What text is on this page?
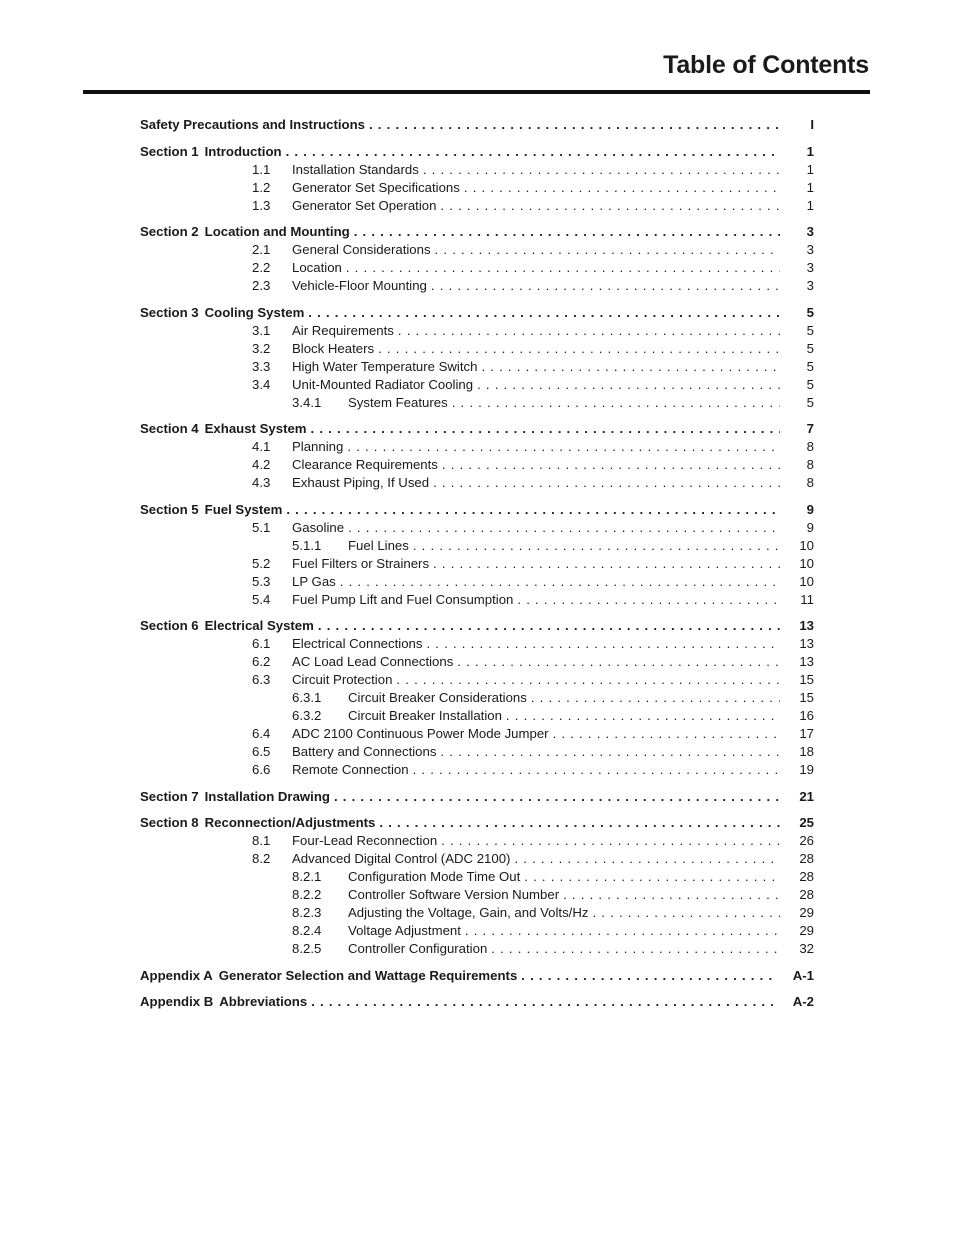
Table of Contents
Safety Precautions and Instructions . . .	I
Section 1 Introduction . . .	1
1.1	Installation Standards . . .	1
1.2	Generator Set Specifications . . .	1
1.3	Generator Set Operation . . .	1
Section 2 Location and Mounting . . .	3
2.1	General Considerations . . .	3
2.2	Location . . .	3
2.3	Vehicle-Floor Mounting . . .	3
Section 3 Cooling System . . .	5
3.1	Air Requirements . . .	5
3.2	Block Heaters . . .	5
3.3	High Water Temperature Switch . . .	5
3.4	Unit-Mounted Radiator Cooling . . .	5
3.4.1	System Features . . .	5
Section 4 Exhaust System . . .	7
4.1	Planning . . .	8
4.2	Clearance Requirements . . .	8
4.3	Exhaust Piping, If Used . . .	8
Section 5 Fuel System . . .	9
5.1	Gasoline . . .	9
5.1.1	Fuel Lines . . .	10
5.2	Fuel Filters or Strainers . . .	10
5.3	LP Gas . . .	10
5.4	Fuel Pump Lift and Fuel Consumption . . .	11
Section 6 Electrical System . . .	13
6.1	Electrical Connections . . .	13
6.2	AC Load Lead Connections . . .	13
6.3	Circuit Protection . . .	15
6.3.1	Circuit Breaker Considerations . . .	15
6.3.2	Circuit Breaker Installation . . .	16
6.4	ADC 2100 Continuous Power Mode Jumper . . .	17
6.5	Battery and Connections . . .	18
6.6	Remote Connection . . .	19
Section 7 Installation Drawing . . .	21
Section 8 Reconnection/Adjustments . . .	25
8.1	Four-Lead Reconnection . . .	26
8.2	Advanced Digital Control (ADC 2100) . . .	28
8.2.1	Configuration Mode Time Out . . .	28
8.2.2	Controller Software Version Number . . .	28
8.2.3	Adjusting the Voltage, Gain, and Volts/Hz . . .	29
8.2.4	Voltage Adjustment . . .	29
8.2.5	Controller Configuration . . .	32
Appendix A Generator Selection and Wattage Requirements . . .	A-1
Appendix B Abbreviations . . .	A-2
